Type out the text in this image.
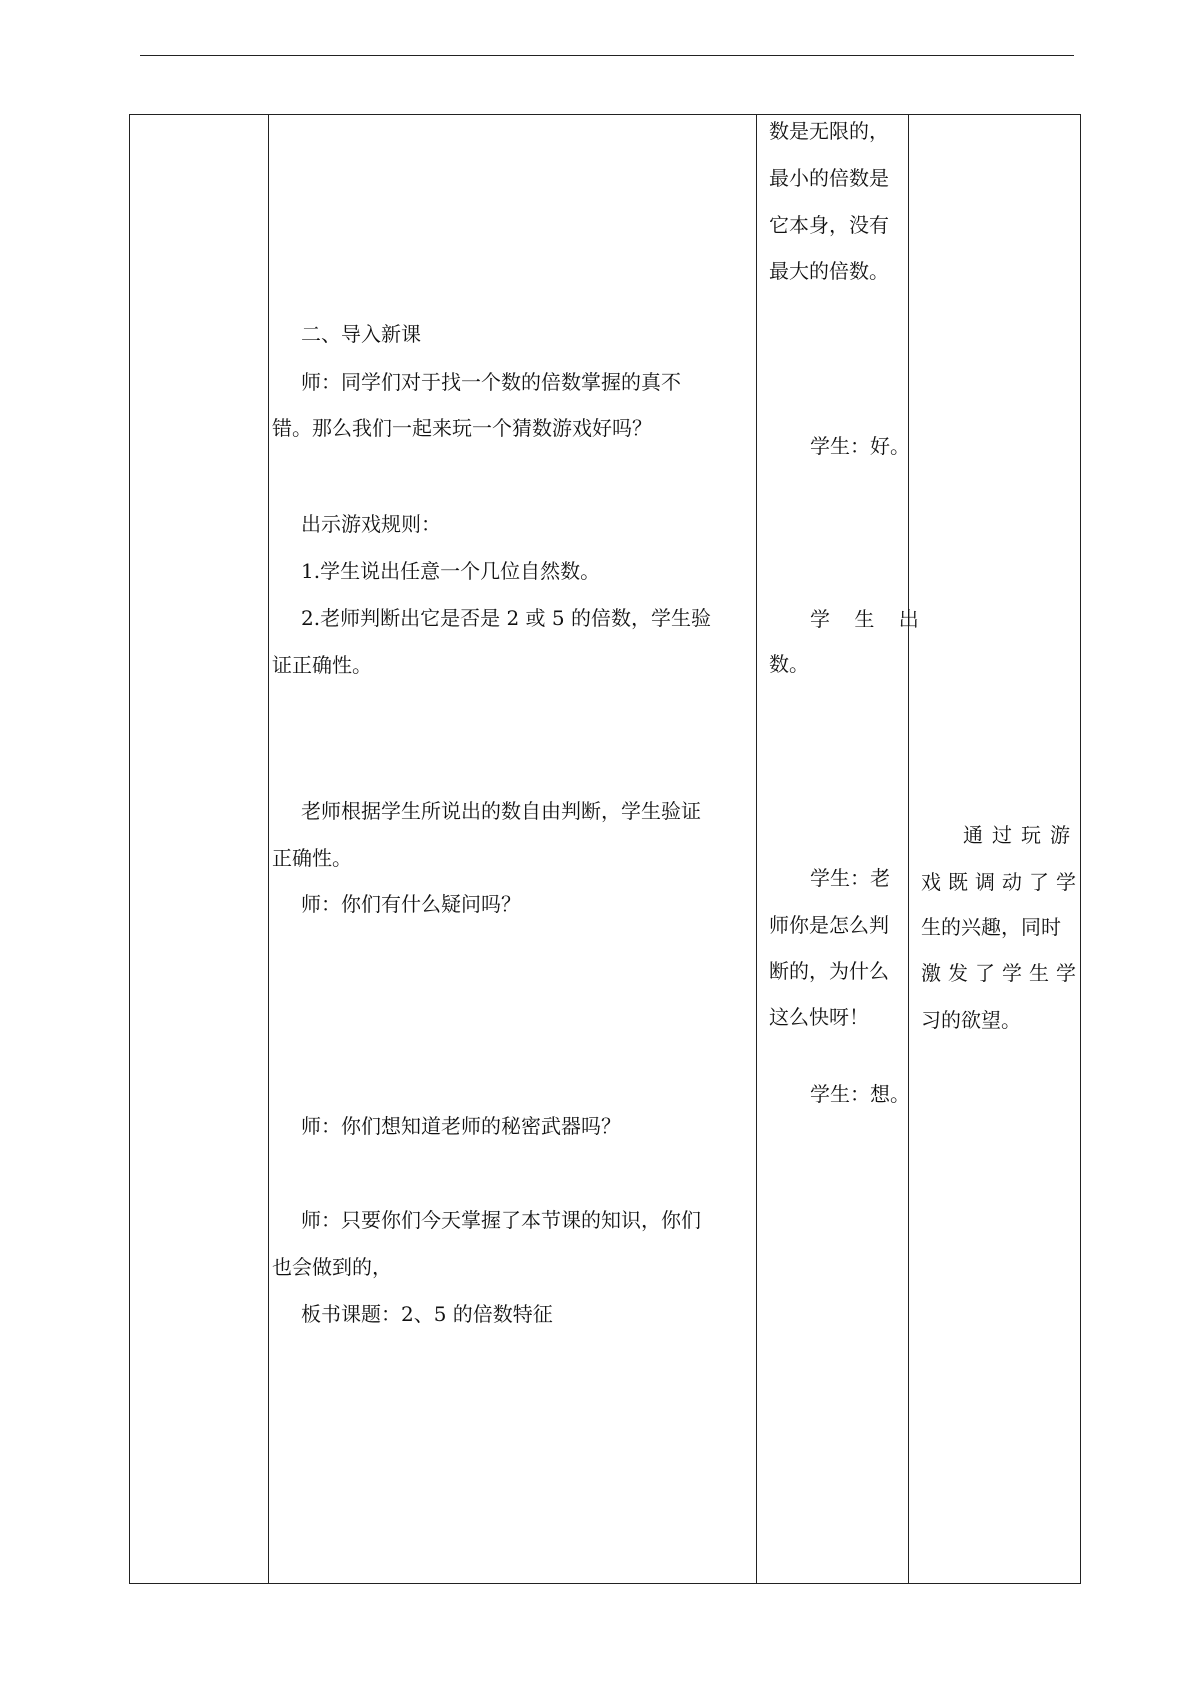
二、导入新课
师：同学们对于找一个数的倍数掌握的真不
错。那么我们一起来玩一个猜数游戏好吗？
出示游戏规则：
1.学生说出任意一个几位自然数。
2.老师判断出它是否是 2 或 5 的倍数，学生验
证正确性。
老师根据学生所说出的数自由判断，学生验证
正确性。
师：你们有什么疑问吗？
师：你们想知道老师的秘密武器吗？
师：只要你们今天掌握了本节课的知识，你们
也会做到的，
板书课题：2、5 的倍数特征
数是无限的，
最小的倍数是
它本身，没有
最大的倍数。
学生：好。
学 生 出
数。
学生：老
师你是怎么判
断的，为什么
这么快呀！
学生：想。
通过玩游
戏既调动了学
生的兴趣，同时
激发了学生学
习的欲望。
